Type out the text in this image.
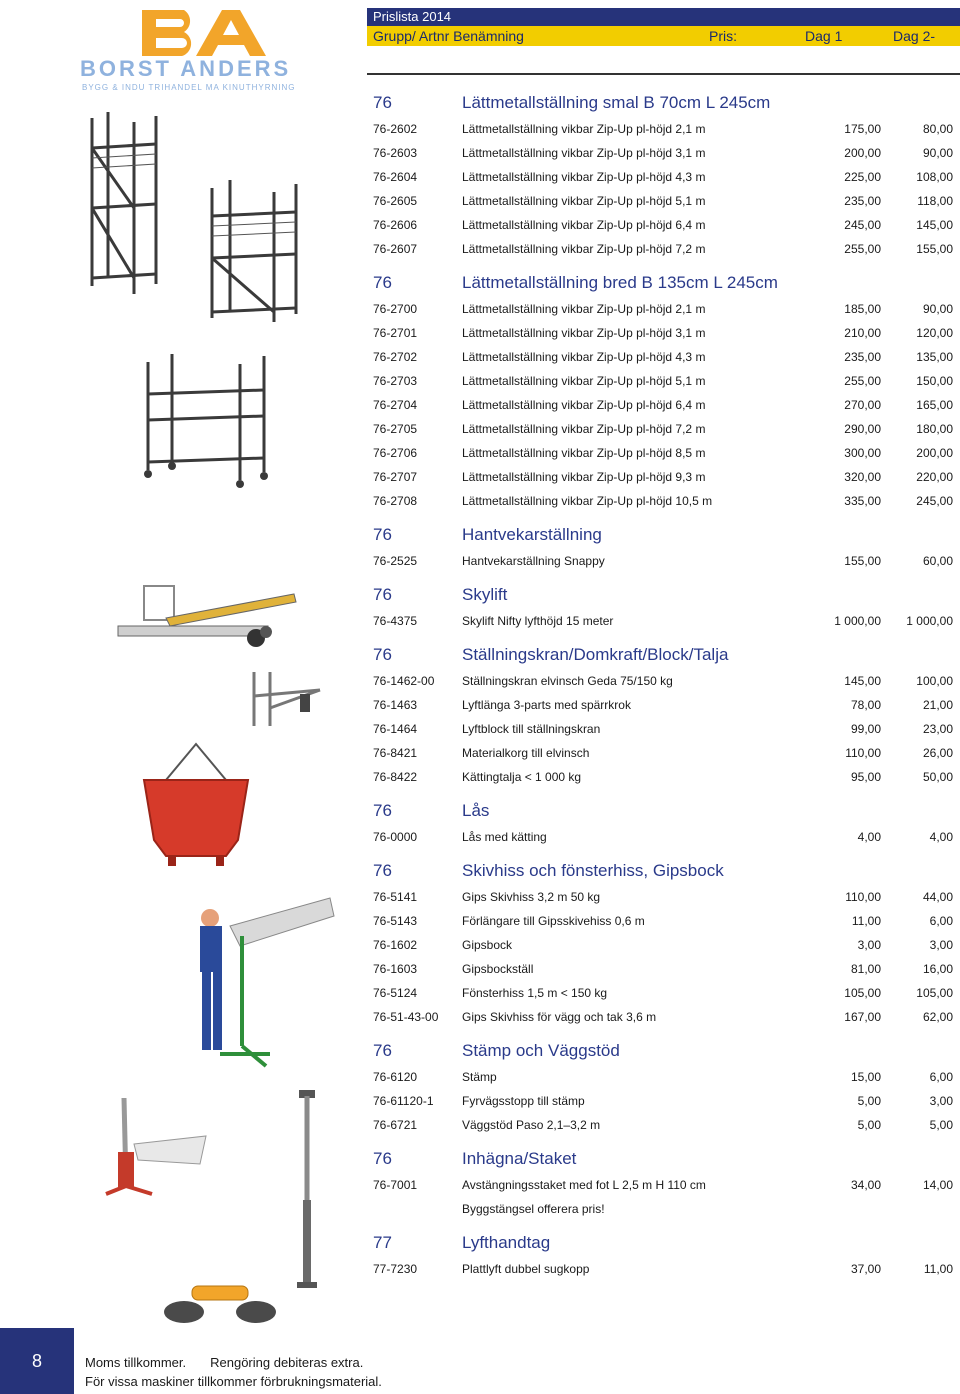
BORST ANDERS
BYGG & INDU TRIHANDEL MA KINUTHYRNING
Prislista 2014
Grupp/ Artnr Benämning	Pris:	Dag 1	Dag 2-
76	Lättmetallställning smal B 70cm L 245cm
76-2602	Lättmetallställning vikbar Zip-Up pl-höjd 2,1 m	175,00	80,00
76-2603	Lättmetallställning vikbar Zip-Up pl-höjd 3,1 m	200,00	90,00
76-2604	Lättmetallställning vikbar Zip-Up pl-höjd 4,3 m	225,00	108,00
76-2605	Lättmetallställning vikbar Zip-Up pl-höjd 5,1 m	235,00	118,00
76-2606	Lättmetallställning vikbar Zip-Up pl-höjd 6,4 m	245,00	145,00
76-2607	Lättmetallställning vikbar Zip-Up pl-höjd 7,2 m	255,00	155,00
76	Lättmetallställning bred B 135cm L 245cm
76-2700	Lättmetallställning vikbar Zip-Up pl-höjd 2,1 m	185,00	90,00
76-2701	Lättmetallställning vikbar Zip-Up pl-höjd 3,1 m	210,00	120,00
76-2702	Lättmetallställning vikbar Zip-Up pl-höjd 4,3 m	235,00	135,00
76-2703	Lättmetallställning vikbar Zip-Up pl-höjd 5,1 m	255,00	150,00
76-2704	Lättmetallställning vikbar Zip-Up pl-höjd 6,4 m	270,00	165,00
76-2705	Lättmetallställning vikbar Zip-Up pl-höjd 7,2 m	290,00	180,00
76-2706	Lättmetallställning vikbar Zip-Up pl-höjd 8,5 m	300,00	200,00
76-2707	Lättmetallställning vikbar Zip-Up pl-höjd 9,3 m	320,00	220,00
76-2708	Lättmetallställning vikbar Zip-Up pl-höjd 10,5 m	335,00	245,00
76	Hantvekarställning
76-2525	Hantvekarställning Snappy	155,00	60,00
76	Skylift
76-4375	Skylift Nifty lyfthöjd 15 meter	1 000,00	1 000,00
76	Ställningskran/Domkraft/Block/Talja
76-1462-00	Ställningskran elvinsch Geda 75/150 kg	145,00	100,00
76-1463	Lyftlänga 3-parts med spärrkrok	78,00	21,00
76-1464	Lyftblock till ställningskran	99,00	23,00
76-8421	Materialkorg till elvinsch	110,00	26,00
76-8422	Kättingtalja < 1 000 kg	95,00	50,00
76	Lås
76-0000	Lås med kätting	4,00	4,00
76	Skivhiss och fönsterhiss, Gipsbock
76-5141	Gips Skivhiss 3,2 m 50 kg	110,00	44,00
76-5143	Förlängare till Gipsskivehiss 0,6 m	11,00	6,00
76-1602	Gipsbock	3,00	3,00
76-1603	Gipsbockställ	81,00	16,00
76-5124	Fönsterhiss 1,5 m < 150 kg	105,00	105,00
76-51-43-00	Gips Skivhiss för vägg och tak 3,6 m	167,00	62,00
76	Stämp och Väggstöd
76-6120	Stämp	15,00	6,00
76-61120-1	Fyrvägsstopp till stämp	5,00	3,00
76-6721	Väggstöd Paso 2,1–3,2 m	5,00	5,00
76	Inhägna/Staket
76-7001	Avstängningsstaket med fot L 2,5 m H 110 cm	34,00	14,00
Byggstängsel offerera pris!
77	Lyfthandtag
77-7230	Plattlyft dubbel sugkopp	37,00	11,00
8	Moms tillkommer. Rengöring debiteras extra.
För vissa maskiner tillkommer förbrukningsmaterial.
